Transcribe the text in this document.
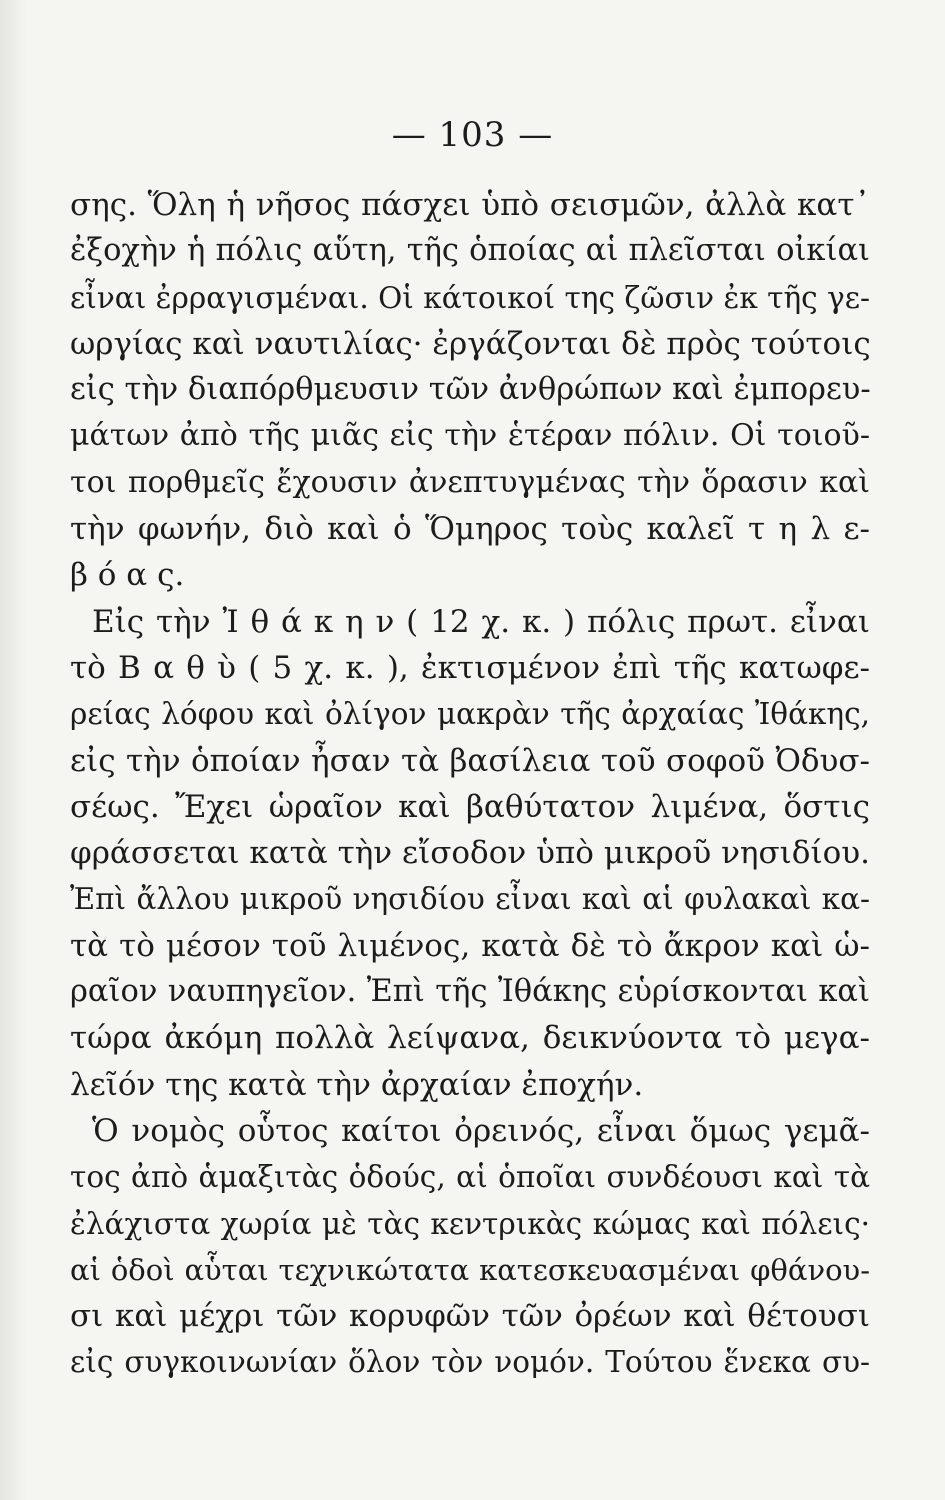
— 103 —
σης. Ὅλη ἡ νῆσος πάσχει ὑπὸ σεισμῶν, ἀλλὰ κατ᾽
ἐξοχὴν ἡ πόλις αὕτη, τῆς ὁποίας αἱ πλεῖσται οἰκίαι
εἶναι ἐρραγισμέναι. Οἱ κάτοικοί της ζῶσιν ἐκ τῆς γε-
ωργίας καὶ ναυτιλίας· ἐργάζονται δὲ πρὸς τούτοις
εἰς τὴν διαπόρθμευσιν τῶν ἀνθρώπων καὶ ἐμπορευ-
μάτων ἀπὸ τῆς μιᾶς εἰς τὴν ἑτέραν πόλιν. Οἱ τοιοῦ-
τοι πορθμεῖς ἔχουσιν ἀνεπτυγμένας τὴν ὅρασιν καὶ
τὴν φωνήν, διὸ καὶ ὁ Ὅμηρος τοὺς καλεῖ τ η λ ε-
β ό α ς.
Εἰς τὴν Ἰ θ ά κ η ν ( 12 χ. κ. ) πόλις πρωτ. εἶναι
τὸ Β α θ ὺ ( 5 χ. κ. ), ἐκτισμένον ἐπὶ τῆς κατωφε-
ρείας λόφου καὶ ὀλίγον μακρὰν τῆς ἀρχαίας Ἰθάκης,
εἰς τὴν ὁποίαν ἦσαν τὰ βασίλεια τοῦ σοφοῦ Ὀδυσ-
σέως. Ἔχει ὡραῖον καὶ βαθύτατον λιμένα, ὅστις
φράσσεται κατὰ τὴν εἴσοδον ὑπὸ μικροῦ νησιδίου.
Ἐπὶ ἄλλου μικροῦ νησιδίου εἶναι καὶ αἱ φυλακαὶ κα-
τὰ τὸ μέσον τοῦ λιμένος, κατὰ δὲ τὸ ἄκρον καὶ ὡ-
ραῖον ναυπηγεῖον. Ἐπὶ τῆς Ἰθάκης εὑρίσκονται καὶ
τώρα ἀκόμη πολλὰ λείψανα, δεικνύοντα τὸ μεγα-
λεῖόν της κατὰ τὴν ἀρχαίαν ἐποχήν.
Ὁ νομὸς οὗτος καίτοι ὀρεινός, εἶναι ὅμως γεμᾶ-
τος ἀπὸ ἁμαξιτὰς ὁδούς, αἱ ὁποῖαι συνδέουσι καὶ τὰ
ἐλάχιστα χωρία μὲ τὰς κεντρικὰς κώμας καὶ πόλεις·
αἱ ὁδοὶ αὗται τεχνικώτατα κατεσκευασμέναι φθάνου-
σι καὶ μέχρι τῶν κορυφῶν τῶν ὀρέων καὶ θέτουσι
εἰς συγκοινωνίαν ὅλον τὸν νομόν. Τούτου ἕνεκα συ-
